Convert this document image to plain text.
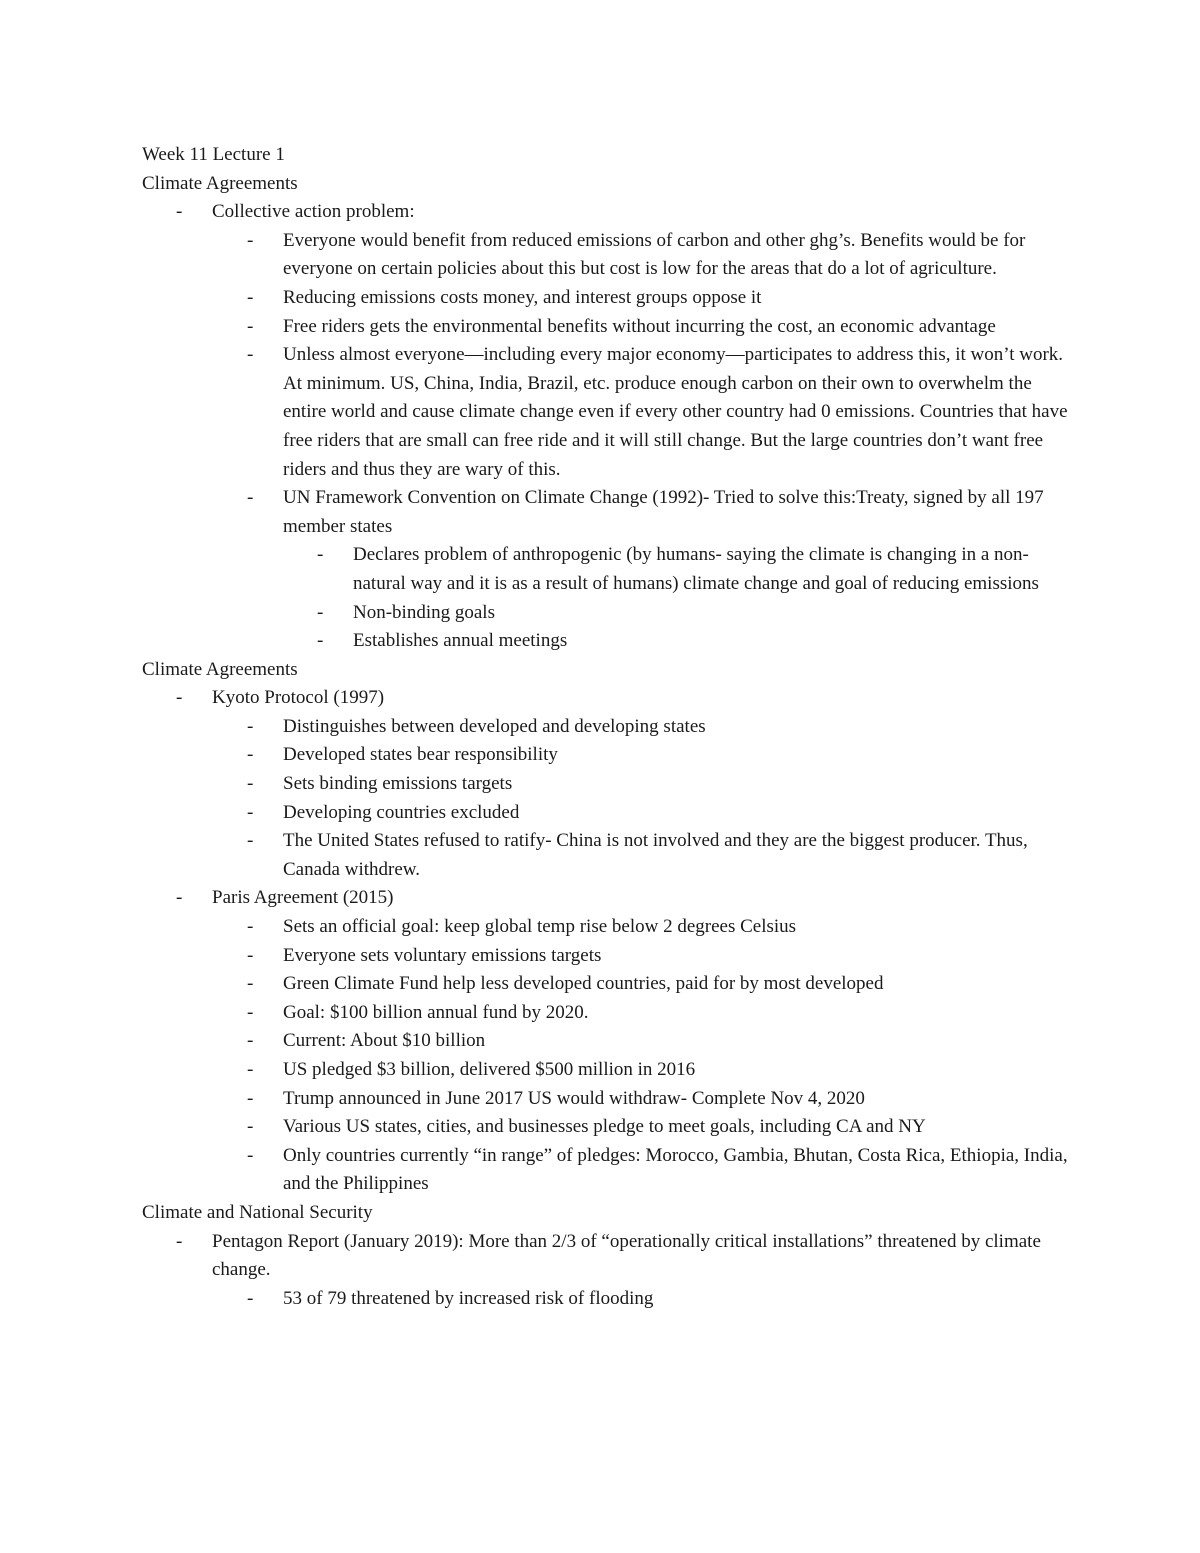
Week 11 Lecture 1

Climate Agreements

- Collective action problem:
- Everyone would benefit from reduced emissions of carbon and other ghg’s. Benefits would be for everyone on certain policies about this but cost is low for the areas that do a lot of agriculture.
- Reducing emissions costs money, and interest groups oppose it
- Free riders gets the environmental benefits without incurring the cost, an economic advantage
- Unless almost everyone—including every major economy—participates to address this, it won’t work. At minimum. US, China, India, Brazil, etc. produce enough carbon on their own to overwhelm the entire world and cause climate change even if every other country had 0 emissions. Countries that have free riders that are small can free ride and it will still change. But the large countries don’t want free riders and thus they are wary of this.
- UN Framework Convention on Climate Change (1992)- Tried to solve this:Treaty, signed by all 197 member states
- Declares problem of anthropogenic (by humans- saying the climate is changing in a non-natural way and it is as a result of humans) climate change and goal of reducing emissions
- Non-binding goals
- Establishes annual meetings

Climate Agreements

- Kyoto Protocol (1997)
- Distinguishes between developed and developing states
- Developed states bear responsibility
- Sets binding emissions targets
- Developing countries excluded
- The United States refused to ratify- China is not involved and they are the biggest producer. Thus, Canada withdrew.
- Paris Agreement (2015)
- Sets an official goal: keep global temp rise below 2 degrees Celsius
- Everyone sets voluntary emissions targets
- Green Climate Fund help less developed countries, paid for by most developed
- Goal: $100 billion annual fund by 2020.
- Current: About $10 billion
- US pledged $3 billion, delivered $500 million in 2016
- Trump announced in June 2017 US would withdraw- Complete Nov 4, 2020
- Various US states, cities, and businesses pledge to meet goals, including CA and NY
- Only countries currently “in range” of pledges: Morocco, Gambia, Bhutan, Costa Rica, Ethiopia, India, and the Philippines

Climate and National Security

- Pentagon Report (January 2019): More than 2/3 of “operationally critical installations” threatened by climate change.
- 53 of 79 threatened by increased risk of flooding
